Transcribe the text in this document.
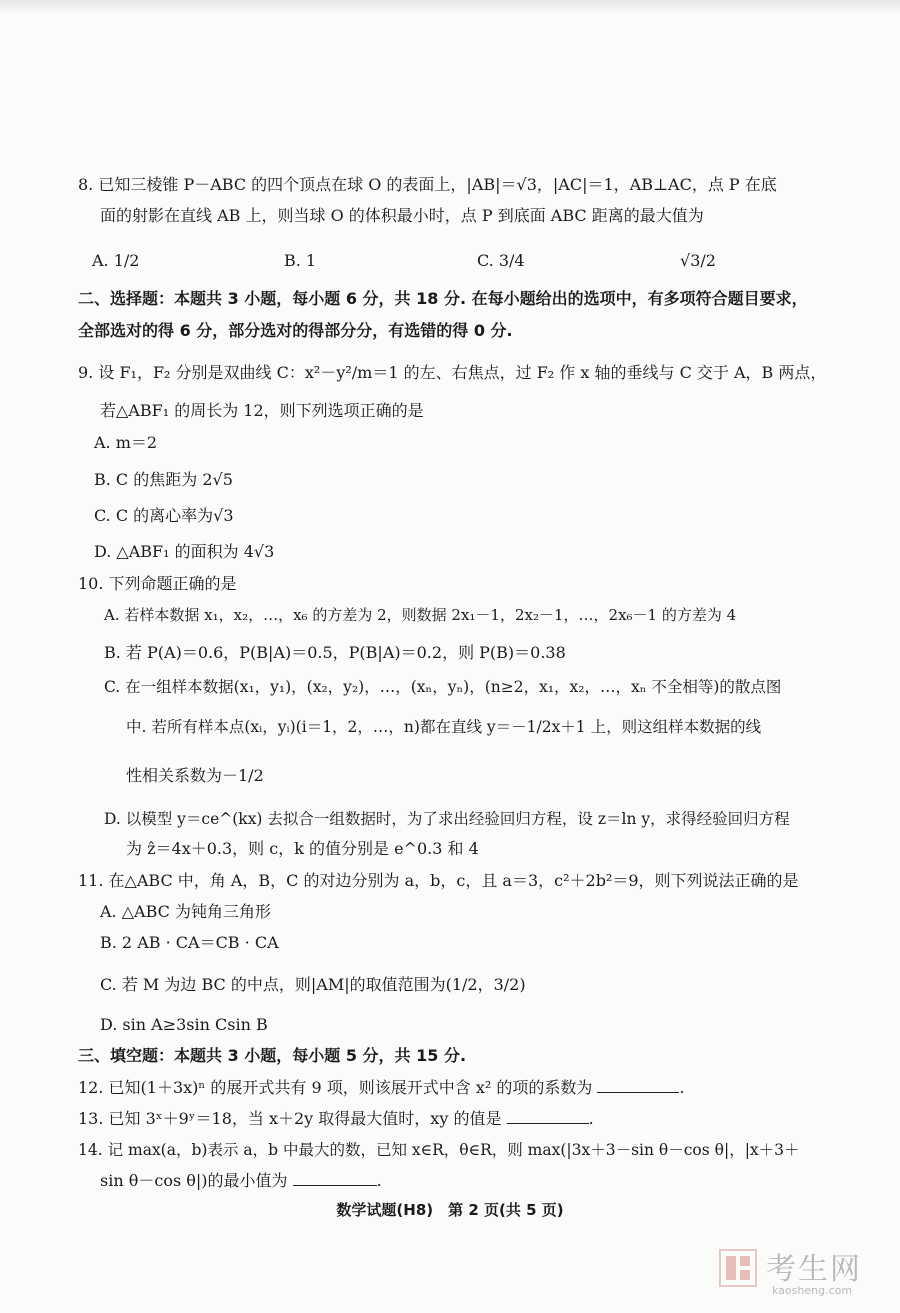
8. 已知三棱锥 P－ABC 的四个顶点在球 O 的表面上，|AB|＝√3，|AC|＝1，AB⊥AC，点 P 在底
面的射影在直线 AB 上，则当球 O 的体积最小时，点 P 到底面 ABC 距离的最大值为
A. 1/2	B. 1	C. 3/4	√3/2
二、选择题：本题共 3 小题，每小题 6 分，共 18 分. 在每小题给出的选项中，有多项符合题目要求，
全部选对的得 6 分，部分选对的得部分分，有选错的得 0 分.
9. 设 F₁，F₂ 分别是双曲线 C：x²－y²/m＝1 的左、右焦点，过 F₂ 作 x 轴的垂线与 C 交于 A，B 两点，
若△ABF₁ 的周长为 12，则下列选项正确的是
A. m＝2
B. C 的焦距为 2√5
C. C 的离心率为√3
D. △ABF₁ 的面积为 4√3
10. 下列命题正确的是
A. 若样本数据 x₁，x₂，…，x₆ 的方差为 2，则数据 2x₁－1，2x₂－1，…，2x₆－1 的方差为 4
B. 若 P(A)＝0.6，P(B|A)＝0.5，P(B|A)＝0.2，则 P(B)＝0.38
C. 在一组样本数据(x₁，y₁)，(x₂，y₂)，…，(xₙ，yₙ)，(n≥2，x₁，x₂，…，xₙ 不全相等)的散点图
中. 若所有样本点(xᵢ，yᵢ)(i＝1，2，…，n)都在直线 y＝－1/2x＋1 上，则这组样本数据的线
性相关系数为－1/2
D. 以模型 y＝ce^(kx) 去拟合一组数据时，为了求出经验回归方程，设 z＝ln y，求得经验回归方程
为 ẑ＝4x＋0.3，则 c，k 的值分别是 e^0.3 和 4
11. 在△ABC 中，角 A，B，C 的对边分别为 a，b，c，且 a＝3，c²＋2b²＝9，则下列说法正确的是
A. △ABC 为钝角三角形
B. 2 AB · CA＝CB · CA
C. 若 M 为边 BC 的中点，则|AM|的取值范围为(1/2，3/2)
D. sin A≥3sin Csin B
三、填空题：本题共 3 小题，每小题 5 分，共 15 分.
12. 已知(1＋3x)ⁿ 的展开式共有 9 项，则该展开式中含 x² 的项的系数为	.
13. 已知 3ˣ＋9ʸ＝18，当 x＋2y 取得最大值时，xy 的值是	.
14. 记 max(a，b)表示 a，b 中最大的数，已知 x∈R，θ∈R，则 max(|3x＋3－sin θ－cos θ|，|x＋3＋
sin θ－cos θ|)的最小值为	.
数学试题(H8)　第 2 页(共 5 页)
考生网
kaosheng.com
